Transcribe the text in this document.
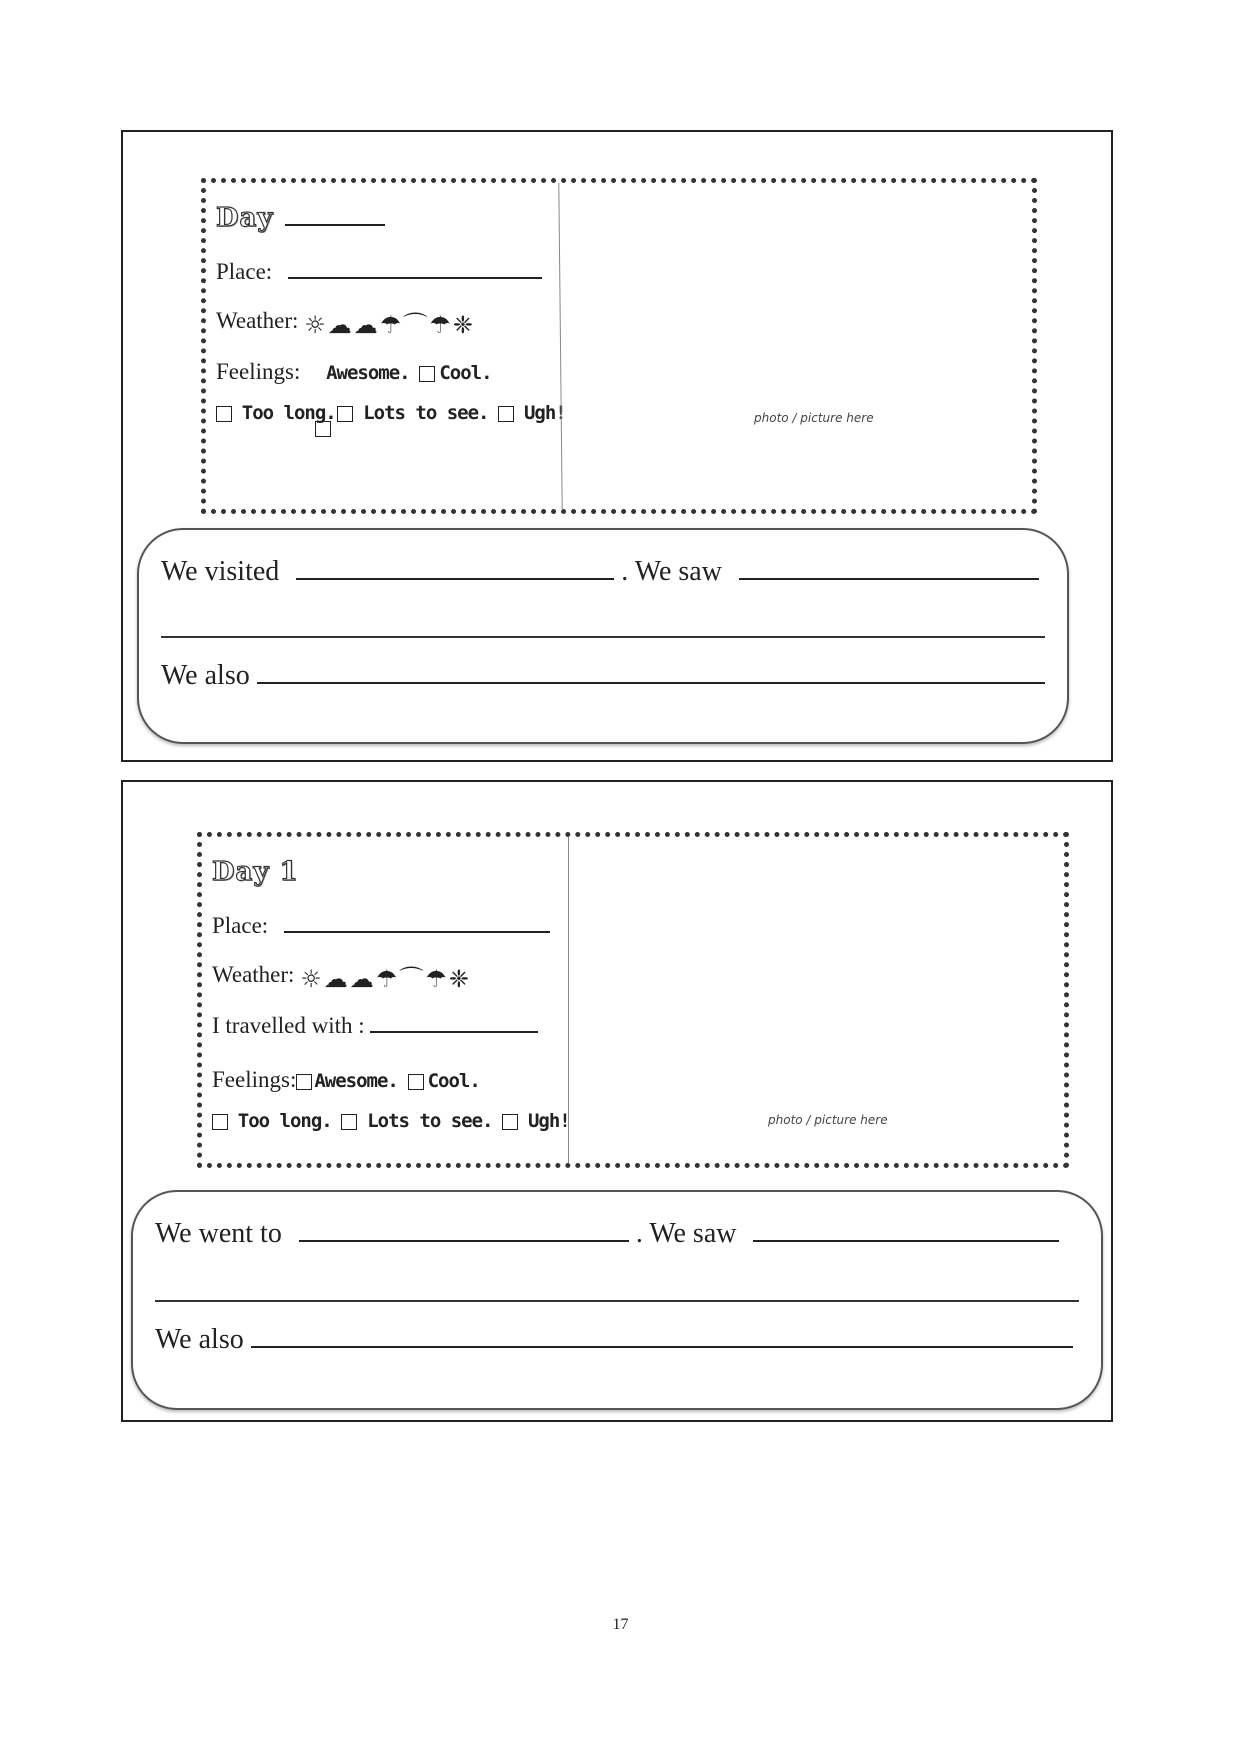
Day
Place:
Weather: ☼☁☁☂⌒☂❈
Feelings: Awesome. Cool.
Too long. Lots to see. Ugh!	photo / picture here
We visited	. We saw
We also
Day 1
Place:
Weather: ☼☁☁☂⌒☂❈
I travelled with :
Feelings: Awesome. Cool.
Too long. Lots to see. Ugh!	photo / picture here
We went to	. We saw
We also
17
